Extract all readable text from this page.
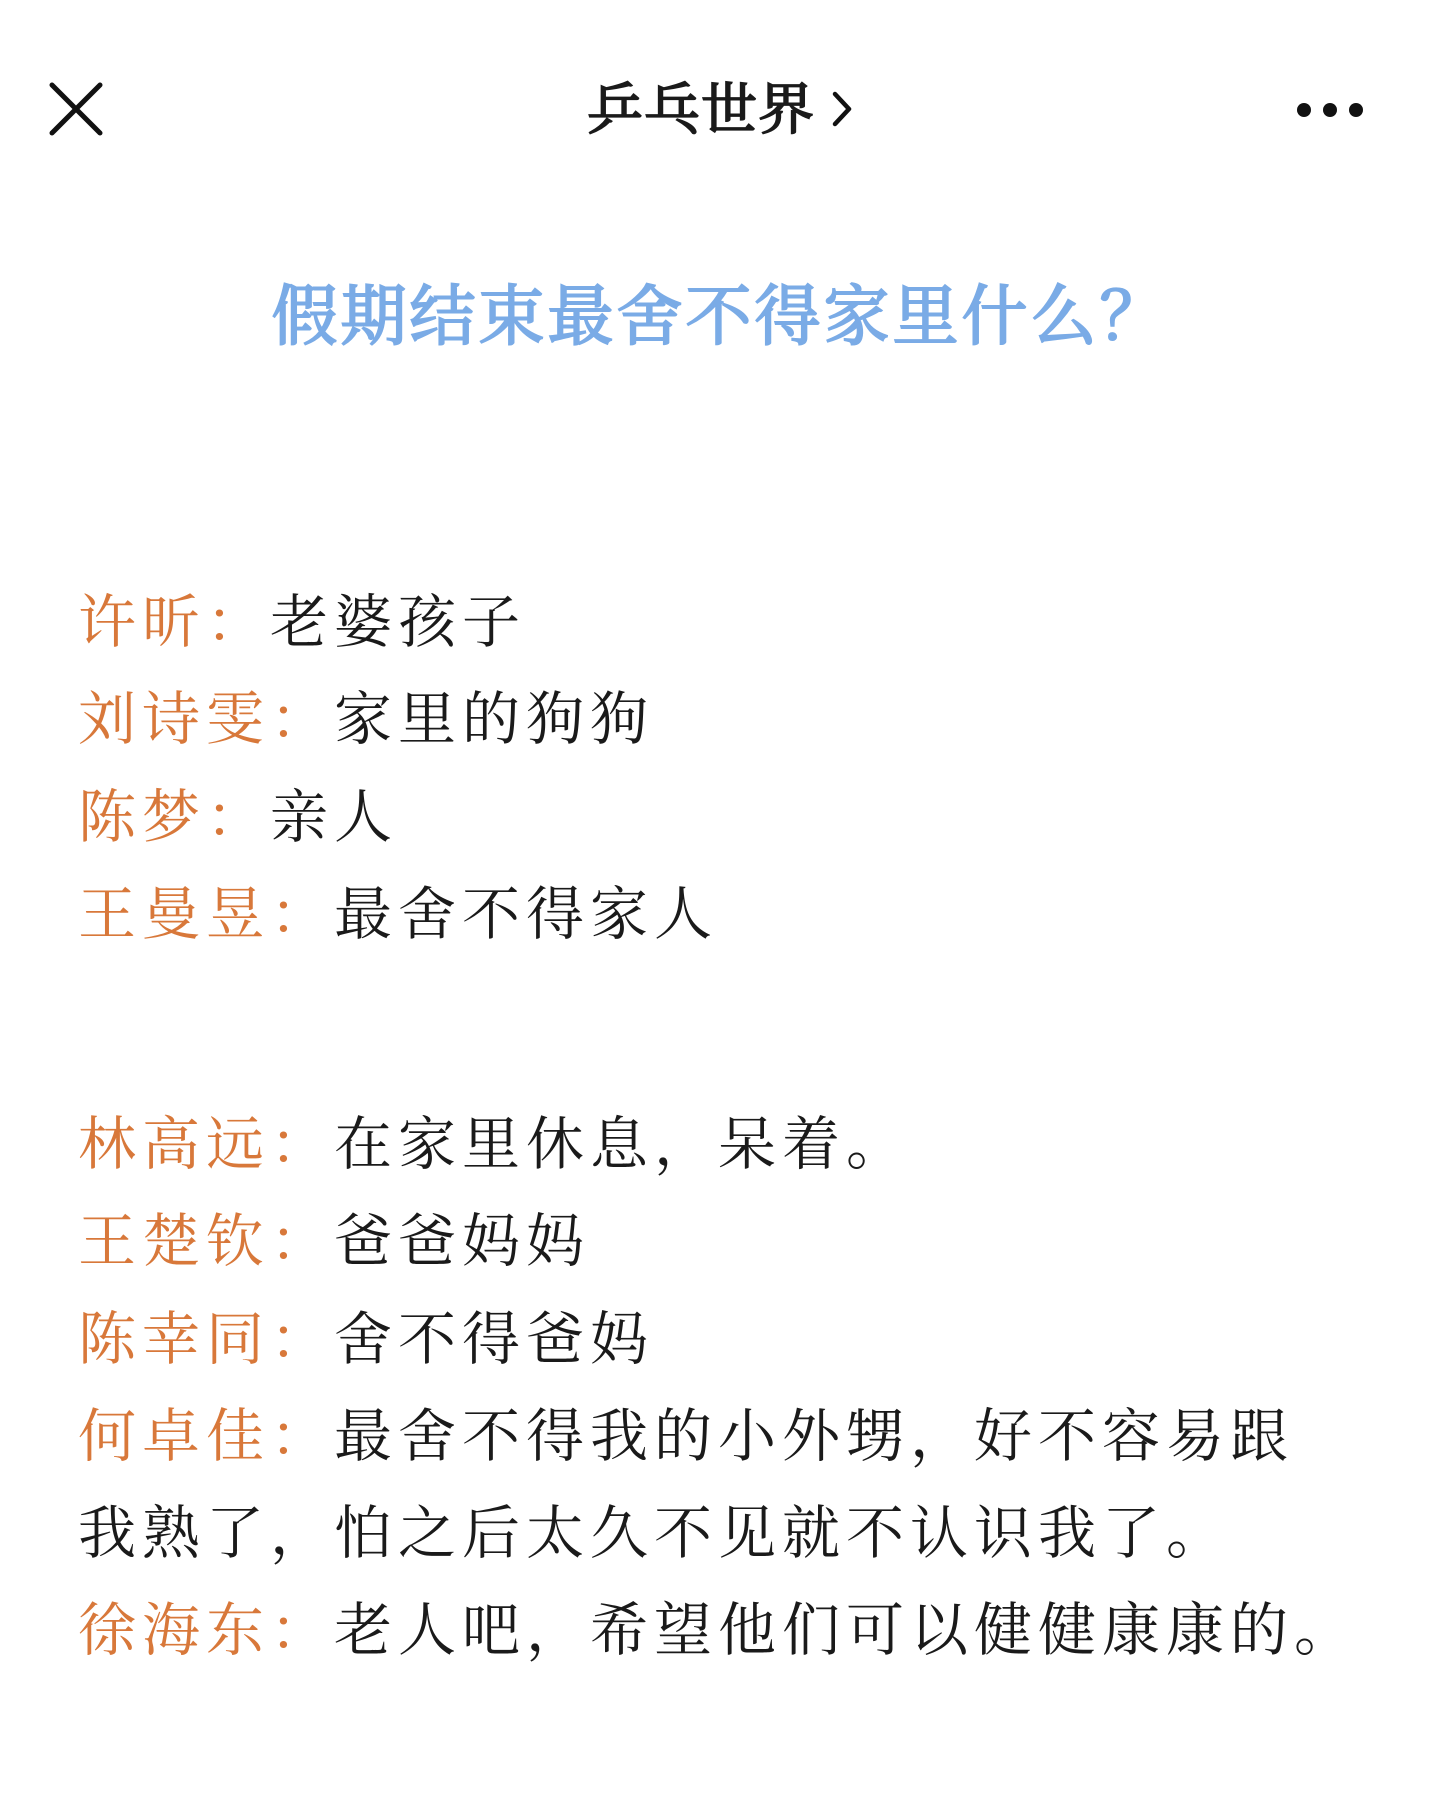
乒乓世界
假期结束最舍不得家里什么？
许昕：老婆孩子
刘诗雯：家里的狗狗
陈梦：亲人
王曼昱：最舍不得家人
林高远：在家里休息，呆着。
王楚钦：爸爸妈妈
陈幸同：舍不得爸妈
何卓佳：最舍不得我的小外甥，好不容易跟我熟了，怕之后太久不见就不认识我了。
徐海东：老人吧，希望他们可以健健康康的。
